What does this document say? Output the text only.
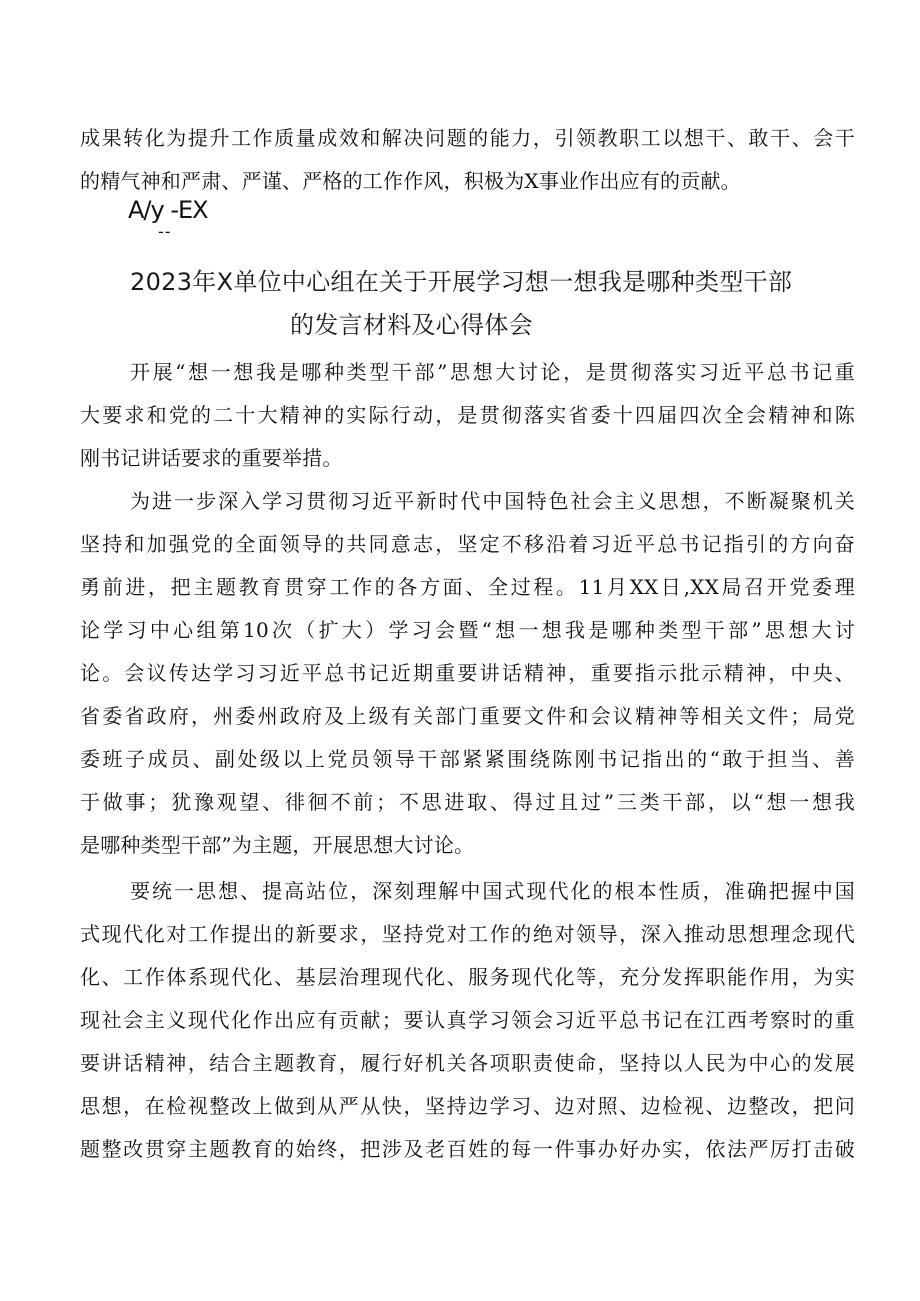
成果转化为提升工作质量成效和解决问题的能力，引领教职工以想干、敢干、会干
的精气神和严肃、严谨、严格的工作作风，积极为X事业作出应有的贡献。
A∕y -EX
--
2023年X单位中心组在关于开展学习想一想我是哪种类型干部
的发言材料及心得体会
开展“想一想我是哪种类型干部”思想大讨论，是贯彻落实习近平总书记重
大要求和党的二十大精神的实际行动，是贯彻落实省委十四届四次全会精神和陈
刚书记讲话要求的重要举措。
为进一步深入学习贯彻习近平新时代中国特色社会主义思想，不断凝聚机关
坚持和加强党的全面领导的共同意志，坚定不移沿着习近平总书记指引的方向奋
勇前进，把主题教育贯穿工作的各方面、全过程。11月XX日,XX局召开党委理
论学习中心组第10次（扩大）学习会暨“想一想我是哪种类型干部”思想大讨
论。会议传达学习习近平总书记近期重要讲话精神，重要指示批示精神，中央、
省委省政府，州委州政府及上级有关部门重要文件和会议精神等相关文件；局党
委班子成员、副处级以上党员领导干部紧紧围绕陈刚书记指出的“敢于担当、善
于做事；犹豫观望、徘徊不前；不思进取、得过且过”三类干部，以“想一想我
是哪种类型干部”为主题，开展思想大讨论。
要统一思想、提高站位，深刻理解中国式现代化的根本性质，准确把握中国
式现代化对工作提出的新要求，坚持党对工作的绝对领导，深入推动思想理念现代
化、工作体系现代化、基层治理现代化、服务现代化等，充分发挥职能作用，为实
现社会主义现代化作出应有贡献；要认真学习领会习近平总书记在江西考察时的重
要讲话精神，结合主题教育，履行好机关各项职责使命，坚持以人民为中心的发展
思想，在检视整改上做到从严从快，坚持边学习、边对照、边检视、边整改，把问
题整改贯穿主题教育的始终，把涉及老百姓的每一件事办好办实，依法严厉打击破
